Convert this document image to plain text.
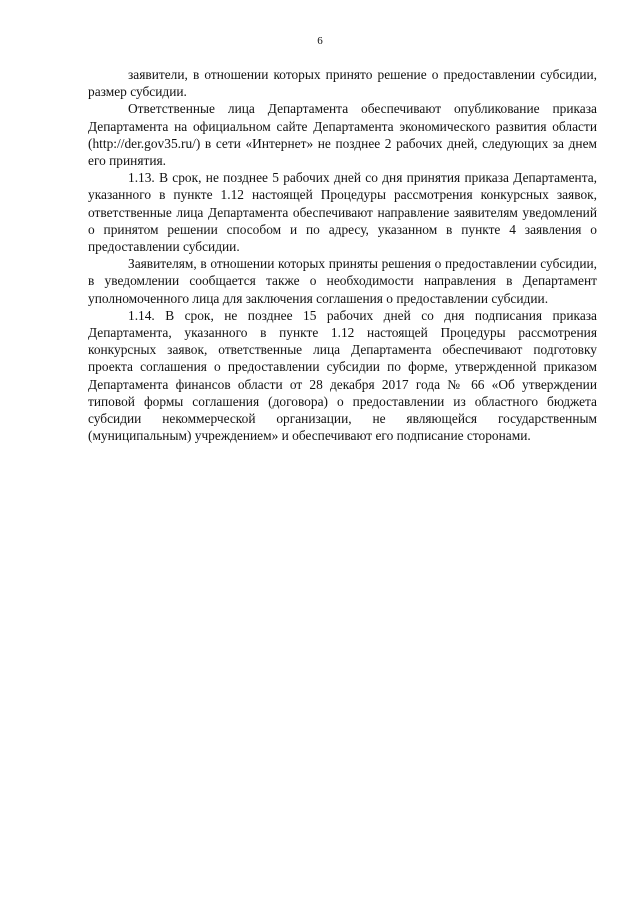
6

заявители, в отношении которых принято решение о предоставлении субсидии, размер субсидии.

Ответственные лица Департамента обеспечивают опубликование приказа Департамента на официальном сайте Департамента экономического развития области (http://der.gov35.ru/) в сети «Интернет» не позднее 2 рабочих дней, следующих за днем его принятия.

1.13. В срок, не позднее 5 рабочих дней со дня принятия приказа Департамента, указанного в пункте 1.12 настоящей Процедуры рассмотрения конкурсных заявок, ответственные лица Департамента обеспечивают направление заявителям уведомлений о принятом решении способом и по адресу, указанном в пункте 4 заявления о предоставлении субсидии.

Заявителям, в отношении которых приняты решения о предоставлении субсидии, в уведомлении сообщается также о необходимости направления в Департамент уполномоченного лица для заключения соглашения о предоставлении субсидии.

1.14. В срок, не позднее 15 рабочих дней со дня подписания приказа Департамента, указанного в пункте 1.12 настоящей Процедуры рассмотрения конкурсных заявок, ответственные лица Департамента обеспечивают подготовку проекта соглашения о предоставлении субсидии по форме, утвержденной приказом Департамента финансов области от 28 декабря 2017 года № 66 «Об утверждении типовой формы соглашения (договора) о предоставлении из областного бюджета субсидии некоммерческой организации, не являющейся государственным (муниципальным) учреждением» и обеспечивают его подписание сторонами.
